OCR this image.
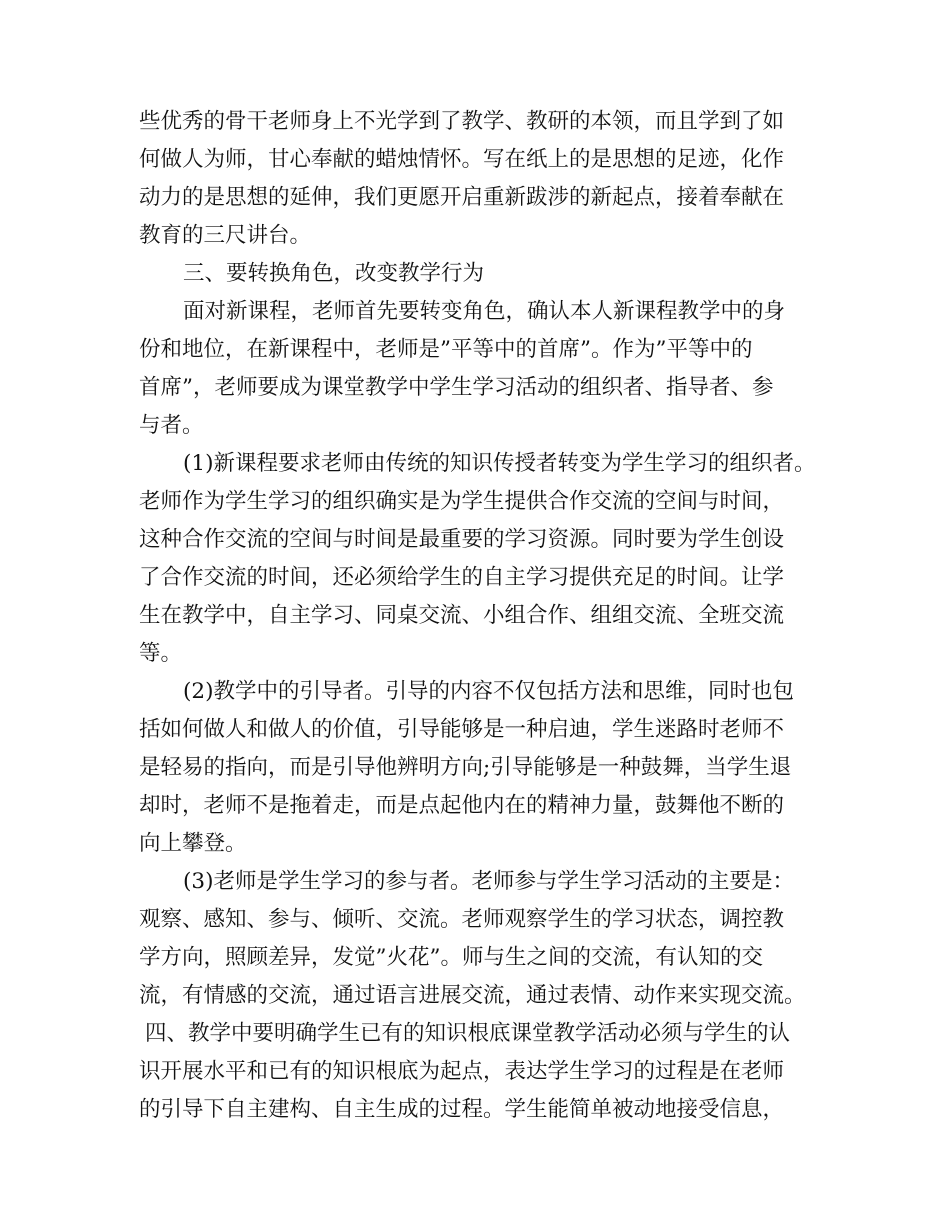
些优秀的骨干老师身上不光学到了教学、教研的本领，而且学到了如

何做人为师，甘心奉献的蜡烛情怀。写在纸上的是思想的足迹，化作

动力的是思想的延伸，我们更愿开启重新跋涉的新起点，接着奉献在

教育的三尺讲台。

三、要转换角色，改变教学行为

面对新课程，老师首先要转变角色，确认本人新课程教学中的身

份和地位，在新课程中，老师是”平等中的首席”。作为”平等中的

首席”，老师要成为课堂教学中学生学习活动的组织者、指导者、参

与者。

(1)新课程要求老师由传统的知识传授者转变为学生学习的组织者。

老师作为学生学习的组织确实是为学生提供合作交流的空间与时间，

这种合作交流的空间与时间是最重要的学习资源。同时要为学生创设

了合作交流的时间，还必须给学生的自主学习提供充足的时间。让学

生在教学中，自主学习、同桌交流、小组合作、组组交流、全班交流

等。

(2)教学中的引导者。引导的内容不仅包括方法和思维，同时也包

括如何做人和做人的价值，引导能够是一种启迪，学生迷路时老师不

是轻易的指向，而是引导他辨明方向;引导能够是一种鼓舞，当学生退

却时，老师不是拖着走，而是点起他内在的精神力量，鼓舞他不断的

向上攀登。

(3)老师是学生学习的参与者。老师参与学生学习活动的主要是：

观察、感知、参与、倾听、交流。老师观察学生的学习状态，调控教

学方向，照顾差异，发觉”火花”。师与生之间的交流，有认知的交

流，有情感的交流，通过语言进展交流，通过表情、动作来实现交流。

四、教学中要明确学生已有的知识根底课堂教学活动必须与学生的认

识开展水平和已有的知识根底为起点，表达学生学习的过程是在老师

的引导下自主建构、自主生成的过程。学生能简单被动地接受信息，
